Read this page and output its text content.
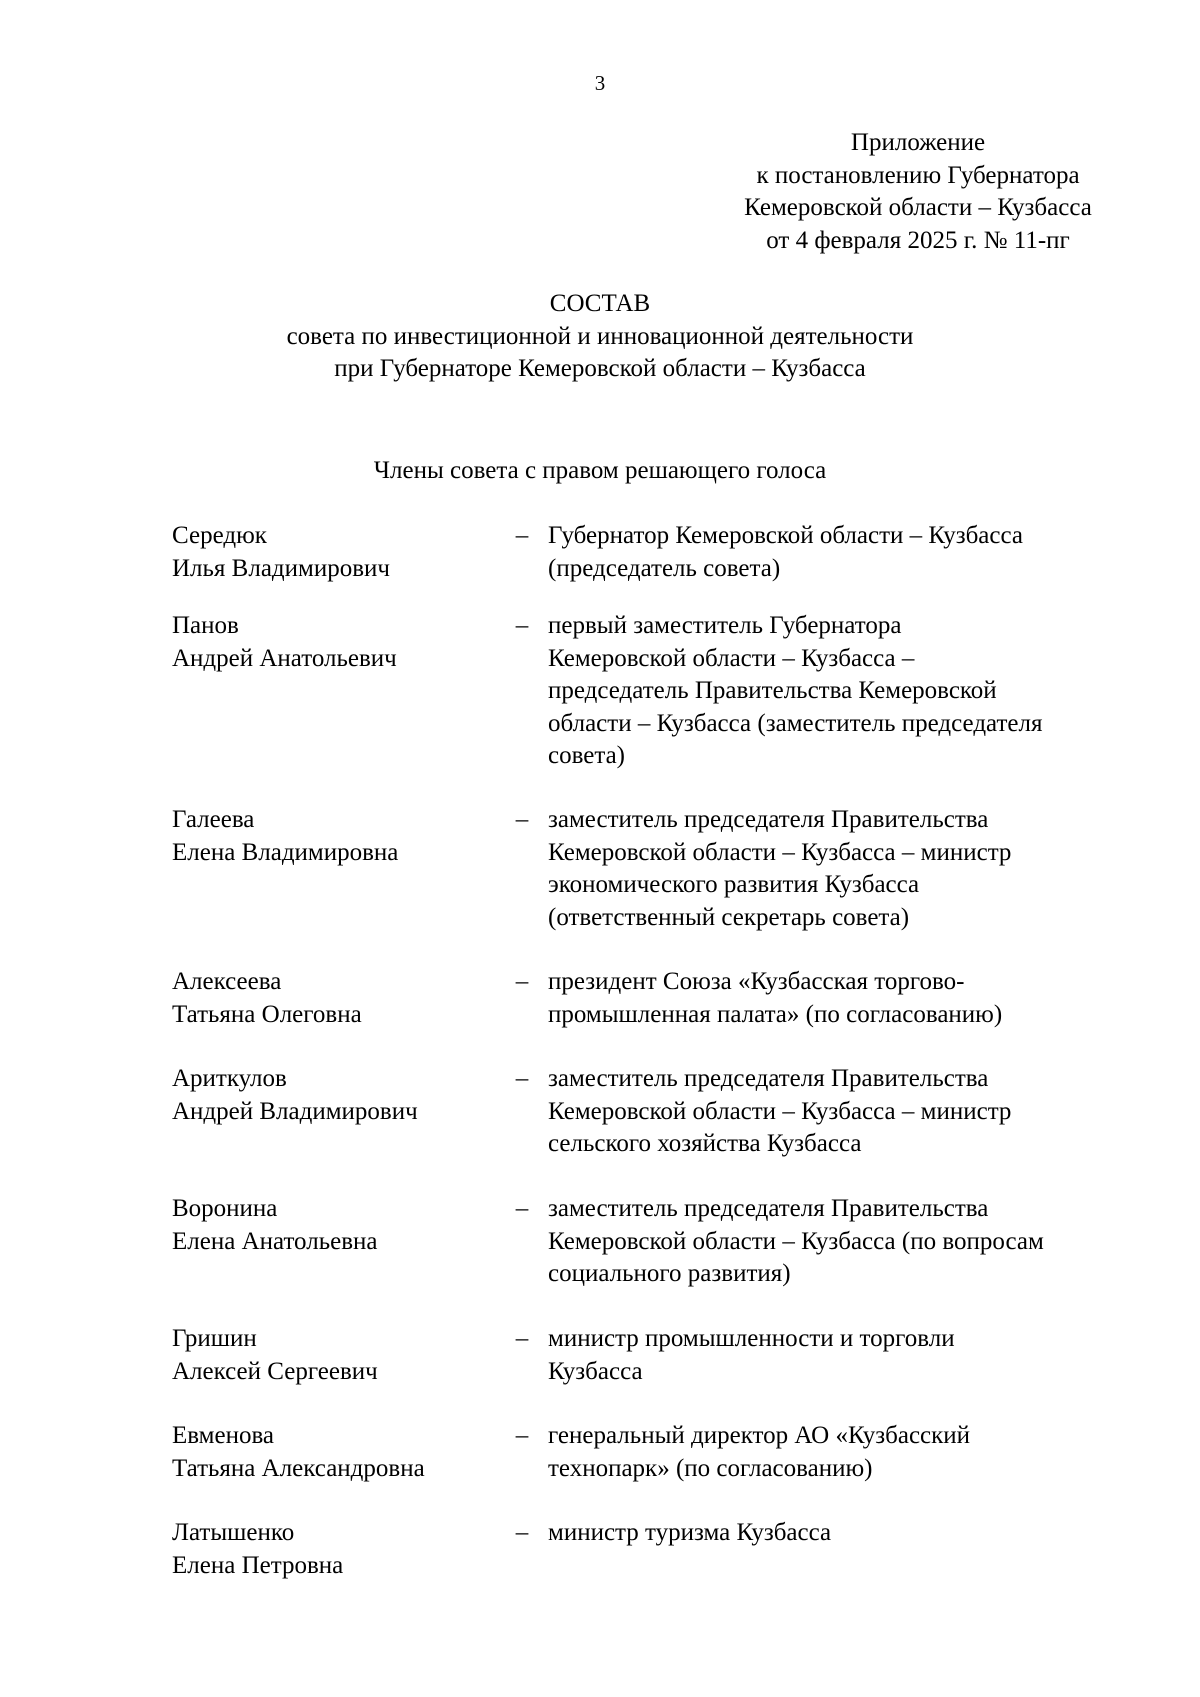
3
Приложение
к постановлению Губернатора
Кемеровской области – Кузбасса
от 4 февраля 2025 г. № 11-пг
СОСТАВ
совета по инвестиционной и инновационной деятельности
при Губернаторе Кемеровской области – Кузбасса
Члены совета с правом решающего голоса
Середюк
Илья Владимирович
– Губернатор Кемеровской области – Кузбасса
(председатель совета)
Панов
Андрей Анатольевич
– первый заместитель Губернатора
Кемеровской области – Кузбасса –
председатель Правительства Кемеровской
области – Кузбасса (заместитель председателя
совета)
Галеева
Елена Владимировна
– заместитель председателя Правительства
Кемеровской области – Кузбасса – министр
экономического развития Кузбасса
(ответственный секретарь совета)
Алексеева
Татьяна Олеговна
– президент Союза «Кузбасская торгово-
промышленная палата» (по согласованию)
Ариткулов
Андрей Владимирович
– заместитель председателя Правительства
Кемеровской области – Кузбасса – министр
сельского хозяйства Кузбасса
Воронина
Елена Анатольевна
– заместитель председателя Правительства
Кемеровской области – Кузбасса (по вопросам
социального развития)
Гришин
Алексей Сергеевич
– министр промышленности и торговли
Кузбасса
Евменова
Татьяна Александровна
– генеральный директор АО «Кузбасский
технопарк» (по согласованию)
Латышенко
Елена Петровна
– министр туризма Кузбасса
